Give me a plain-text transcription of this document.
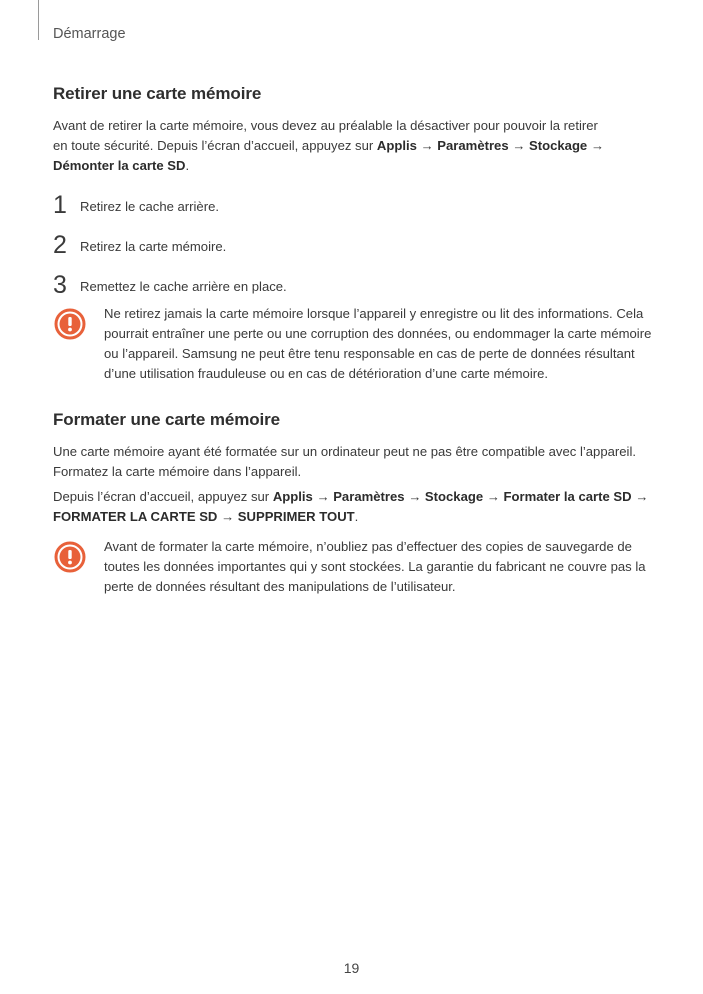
Démarrage
Retirer une carte mémoire

Avant de retirer la carte mémoire, vous devez au préalable la désactiver pour pouvoir la retirer en toute sécurité. Depuis l’écran d’accueil, appuyez sur Applis → Paramètres → Stockage → Démonter la carte SD.

1 Retirez le cache arrière.
2 Retirez la carte mémoire.
3 Remettez le cache arrière en place.

Ne retirez jamais la carte mémoire lorsque l’appareil y enregistre ou lit des informations. Cela pourrait entraîner une perte ou une corruption des données, ou endommager la carte mémoire ou l’appareil. Samsung ne peut être tenu responsable en cas de perte de données résultant d’une utilisation frauduleuse ou en cas de détérioration d’une carte mémoire.

Formater une carte mémoire

Une carte mémoire ayant été formatée sur un ordinateur peut ne pas être compatible avec l’appareil. Formatez la carte mémoire dans l’appareil.

Depuis l’écran d’accueil, appuyez sur Applis → Paramètres → Stockage → Formater la carte SD → FORMATER LA CARTE SD → SUPPRIMER TOUT.

Avant de formater la carte mémoire, n’oubliez pas d’effectuer des copies de sauvegarde de toutes les données importantes qui y sont stockées. La garantie du fabricant ne couvre pas la perte de données résultant des manipulations de l’utilisateur.

19
